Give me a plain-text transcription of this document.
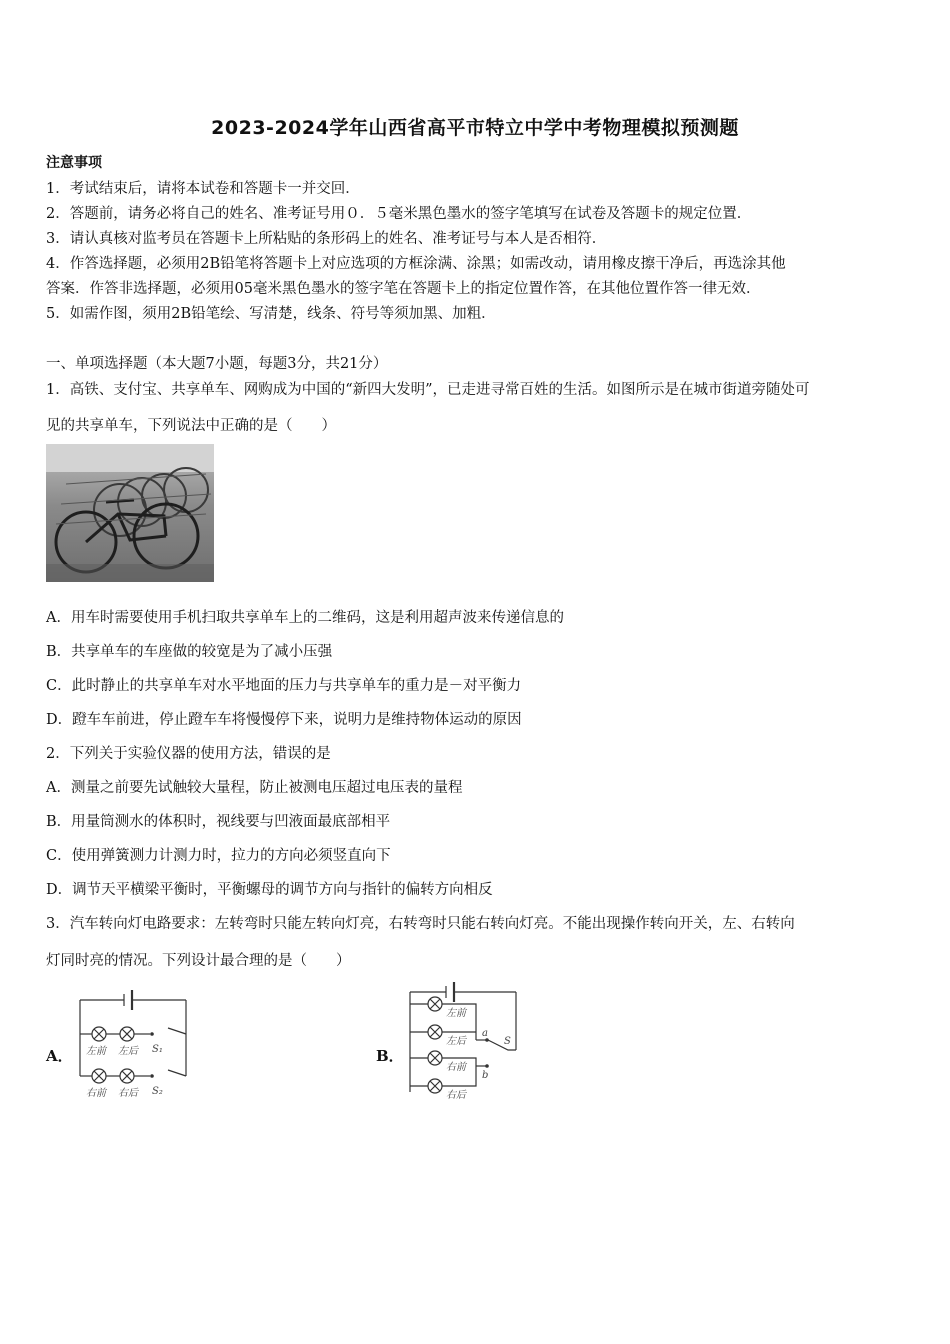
2023-2024学年山西省高平市特立中学中考物理模拟预测题
注意事项
1．考试结束后，请将本试卷和答题卡一并交回．
2．答题前，请务必将自己的姓名、准考证号用０．５毫米黑色墨水的签字笔填写在试卷及答题卡的规定位置．
3．请认真核对监考员在答题卡上所粘贴的条形码上的姓名、准考证号与本人是否相符．
4．作答选择题，必须用2B铅笔将答题卡上对应选项的方框涂满、涂黑；如需改动，请用橡皮擦干净后，再选涂其他
答案．作答非选择题，必须用05毫米黑色墨水的签字笔在答题卡上的指定位置作答，在其他位置作答一律无效．
5．如需作图，须用2B铅笔绘、写清楚，线条、符号等须加黑、加粗．
一、单项选择题（本大题7小题，每题3分，共21分）
1．高铁、支付宝、共享单车、网购成为中国的“新四大发明”，已走进寻常百姓的生活。如图所示是在城市街道旁随处可
见的共享单车，下列说法中正确的是（　　）
A．用车时需要使用手机扫取共享单车上的二维码，这是利用超声波来传递信息的
B．共享单车的车座做的较宽是为了减小压强
C．此时静止的共享单车对水平地面的压力与共享单车的重力是－对平衡力
D．蹬车车前进，停止蹬车车将慢慢停下来，说明力是维持物体运动的原因
2．下列关于实验仪器的使用方法，错误的是
A．测量之前要先试触较大量程，防止被测电压超过电压表的量程
B．用量筒测水的体积时，视线要与凹液面最底部相平
C．使用弹簧测力计测力时，拉力的方向必须竖直向下
D．调节天平横梁平衡时，平衡螺母的调节方向与指针的偏转方向相反
3．汽车转向灯电路要求：左转弯时只能左转向灯亮，右转弯时只能右转向灯亮。不能出现操作转向开关，左、右转向
灯同时亮的情况。下列设计最合理的是（　　）
A． 左前 左后
右前 右后
S₁
S₂
B．
左前
左后
右前
右后
a
b
S
